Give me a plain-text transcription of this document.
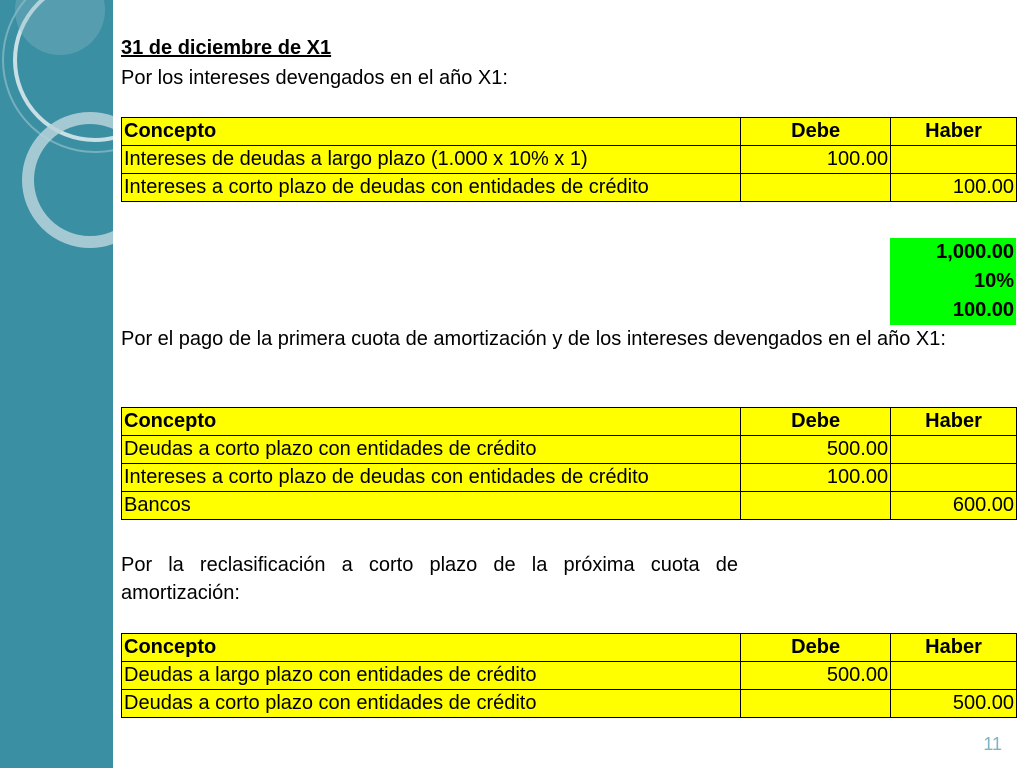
31 de diciembre de X1
Por los intereses devengados en el año X1:
Concepto	Debe	Haber
Intereses de deudas a largo plazo (1.000 x 10% x 1)	100.00	
Intereses a corto plazo de deudas con entidades de crédito		100.00
1,000.00
10%
100.00
Por el pago de la primera cuota de amortización y de los intereses devengados en el año X1:
Concepto	Debe	Haber
Deudas a corto plazo con entidades de crédito	500.00	
Intereses a corto plazo de deudas con entidades de crédito	100.00	
Bancos		600.00
Por la reclasificación a corto plazo de la próxima cuota de amortización:
Concepto	Debe	Haber
Deudas a largo plazo con entidades de crédito	500.00	
Deudas a corto plazo con entidades de crédito		500.00
11
